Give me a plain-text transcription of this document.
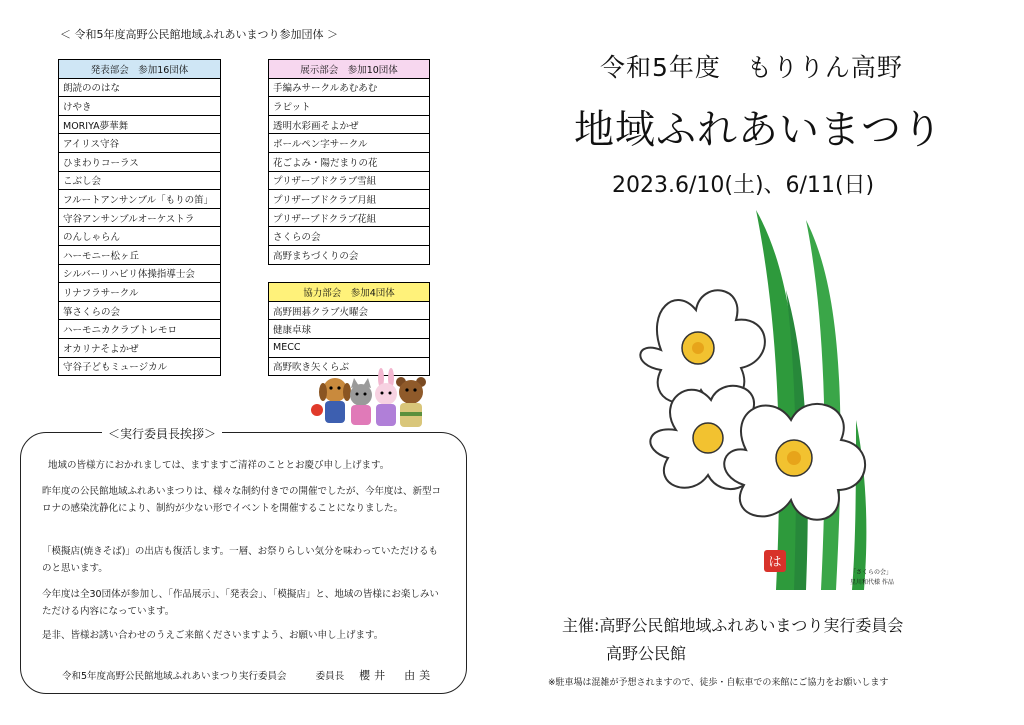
＜ 令和5年度高野公民館地域ふれあいまつり参加団体 ＞
発表部会　参加16団体
朗読ののはな
けやき
MORIYA夢華舞
アイリス守谷
ひまわりコーラス
こぶし会
フルートアンサンブル「もりの笛」
守谷アンサンブルオーケストラ
のんしゃらん
ハーモニー松ヶ丘
シルバーリハビリ体操指導士会
リナフラサークル
箏さくらの会
ハーモニカクラブトレモロ
オカリナそよかぜ
守谷子どもミュージカル
展示部会　参加10団体
手編みサークルあむあむ
ラピット
透明水彩画そよかぜ
ボールペン字サークル
花ごよみ・陽だまりの花
プリザーブドクラブ雪組
プリザーブドクラブ月組
プリザーブドクラブ花組
さくらの会
高野まちづくりの会

協力部会　参加4団体
高野囲碁クラブ火曜会
健康卓球
MECC
高野吹き矢くらぶ
＜実行委員長挨拶＞
地域の皆様方におかれましては、ますますご清祥のこととお慶び申し上げます。
昨年度の公民館地域ふれあいまつりは、様々な制約付きでの開催でしたが、今年度は、新型コロナの感染沈静化により、制約が少ない形でイベントを開催することになりました。
「模擬店(焼きそば)」の出店も復活します。一層、お祭りらしい気分を味わっていただけるものと思います。
今年度は全30団体が参加し、「作品展示」、「発表会」、「模擬店」と、地域の皆様にお楽しみいただける内容になっています。
是非、皆様お誘い合わせのうえご来館くださいますよう、お願い申し上げます。
令和5年度高野公民館地域ふれあいまつり実行委員会	委員長 櫻井　由美
令和5年度　もりりん高野
地域ふれあいまつり
2023.6/10(土)、6/11(日)
は
「さくらの会」
星川和代様 作品
主催:高野公民館地域ふれあいまつり実行委員会
高野公民館
※駐車場は混雑が予想されますので、徒歩・自転車での来館にご協力をお願いします
